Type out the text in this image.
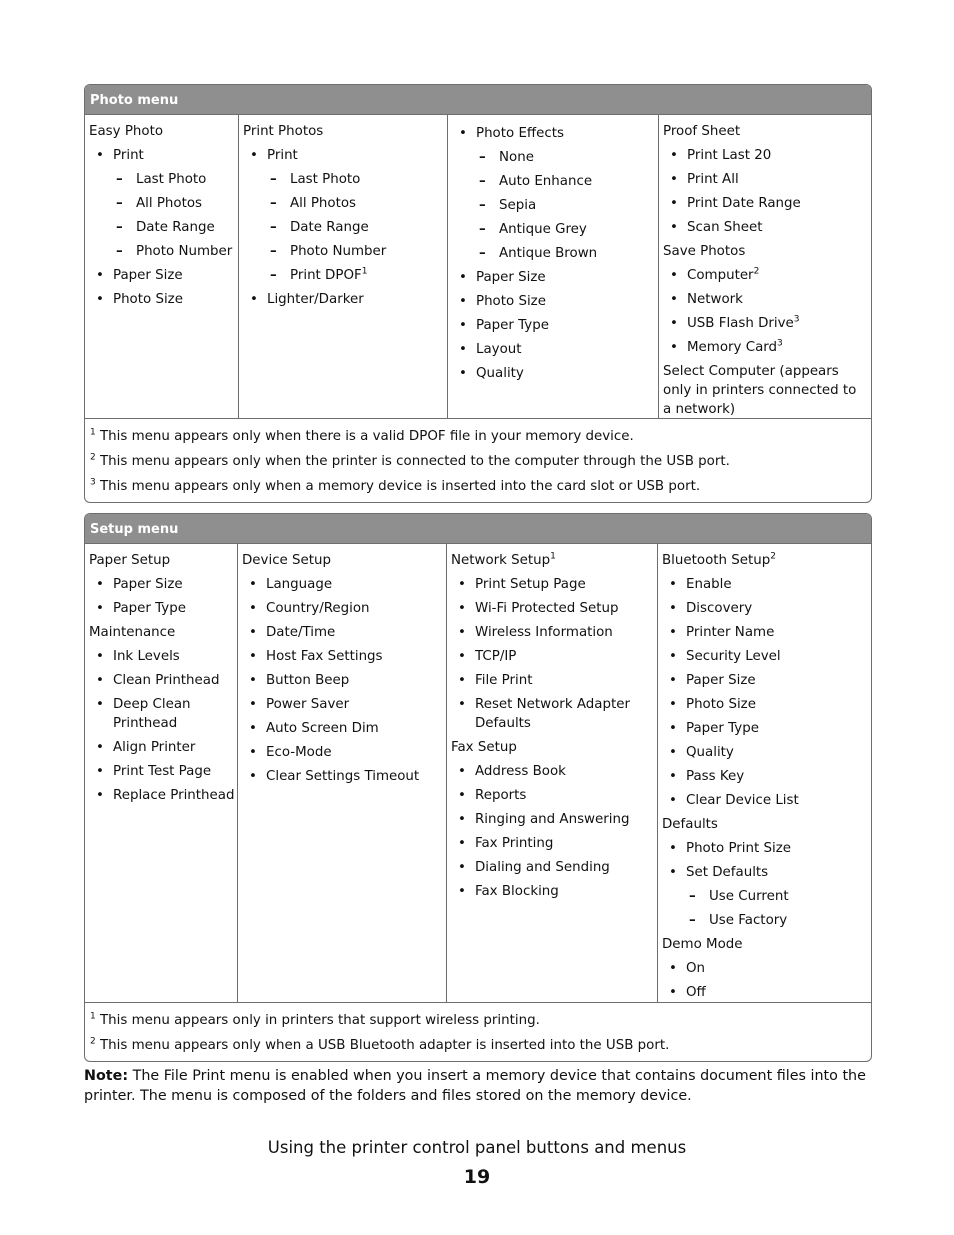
Photo menu
Easy Photo
• Print
– Last Photo
– All Photos
– Date Range
– Photo Number
• Paper Size
• Photo Size
Print Photos
• Print
– Last Photo
– All Photos
– Date Range
– Photo Number
– Print DPOF$^1$
• Lighter/Darker
• Photo Effects
– None
– Auto Enhance
– Sepia
– Antique Grey
– Antique Brown
• Paper Size
• Photo Size
• Paper Type
• Layout
• Quality
Proof Sheet
• Print Last 20
• Print All
• Print Date Range
• Scan Sheet
Save Photos
• Computer$^2$
• Network
• USB Flash Drive$^3$
• Memory Card$^3$
Select Computer (appears only in printers connected to a network)
$^1$ This menu appears only when there is a valid DPOF file in your memory device.
$^2$ This menu appears only when the printer is connected to the computer through the USB port.
$^3$ This menu appears only when a memory device is inserted into the card slot or USB port.
Setup menu
Paper Setup
• Paper Size
• Paper Type
Maintenance
• Ink Levels
• Clean Printhead
• Deep Clean Printhead
• Align Printer
• Print Test Page
• Replace Printhead
Device Setup
• Language
• Country/Region
• Date/Time
• Host Fax Settings
• Button Beep
• Power Saver
• Auto Screen Dim
• Eco-Mode
• Clear Settings Timeout
Network Setup$^1$
• Print Setup Page
• Wi-Fi Protected Setup
• Wireless Information
• TCP/IP
• File Print
• Reset Network Adapter Defaults
Fax Setup
• Address Book
• Reports
• Ringing and Answering
• Fax Printing
• Dialing and Sending
• Fax Blocking
Bluetooth Setup$^2$
• Enable
• Discovery
• Printer Name
• Security Level
• Paper Size
• Photo Size
• Paper Type
• Quality
• Pass Key
• Clear Device List
Defaults
• Photo Print Size
• Set Defaults
– Use Current
– Use Factory
Demo Mode
• On
• Off
$^1$ This menu appears only in printers that support wireless printing.
$^2$ This menu appears only when a USB Bluetooth adapter is inserted into the USB port.
Note: The File Print menu is enabled when you insert a memory device that contains document files into the printer. The menu is composed of the folders and files stored on the memory device.
Using the printer control panel buttons and menus
19
